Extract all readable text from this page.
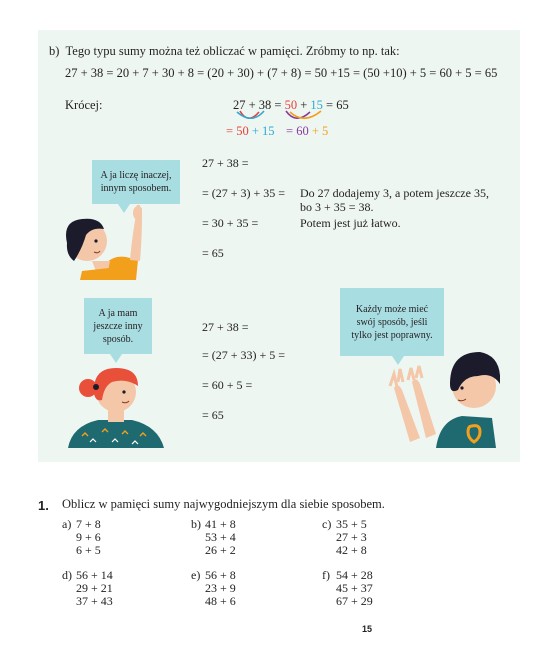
b) Tego typu sumy można też obliczać w pamięci. Zróbmy to np. tak:
27 + 38 = 20 + 7 + 30 + 8 = (20 + 30) + (7 + 8) = 50 +15 = (50 +10) + 5 = 60 + 5 = 65
Krócej:	27 + 38 = 50 + 15 = 65
= 50 + 15 = 60 + 5
A ja liczę inaczej,
innym sposobem.
27 + 38 =
= (27 + 3) + 35 =
= 30 + 35 =
= 65
Do 27 dodajemy 3, a potem jeszcze 35,
bo 3 + 35 = 38.
Potem jest już łatwo.
A ja mam
jeszcze inny
sposób.
27 + 38 =
= (27 + 33) + 5 =
= 60 + 5 =
= 65
Każdy może mieć
swój sposób, jeśli
tylko jest poprawny.
1. Oblicz w pamięci sumy najwygodniejszym dla siebie sposobem.
a) 7 + 8
9 + 6
6 + 5
b) 41 + 8
53 + 4
26 + 2
c) 35 + 5
27 + 3
42 + 8
d) 56 + 14
29 + 21
37 + 43
e) 56 + 8
23 + 9
48 + 6
f) 54 + 28
45 + 37
67 + 29
15
